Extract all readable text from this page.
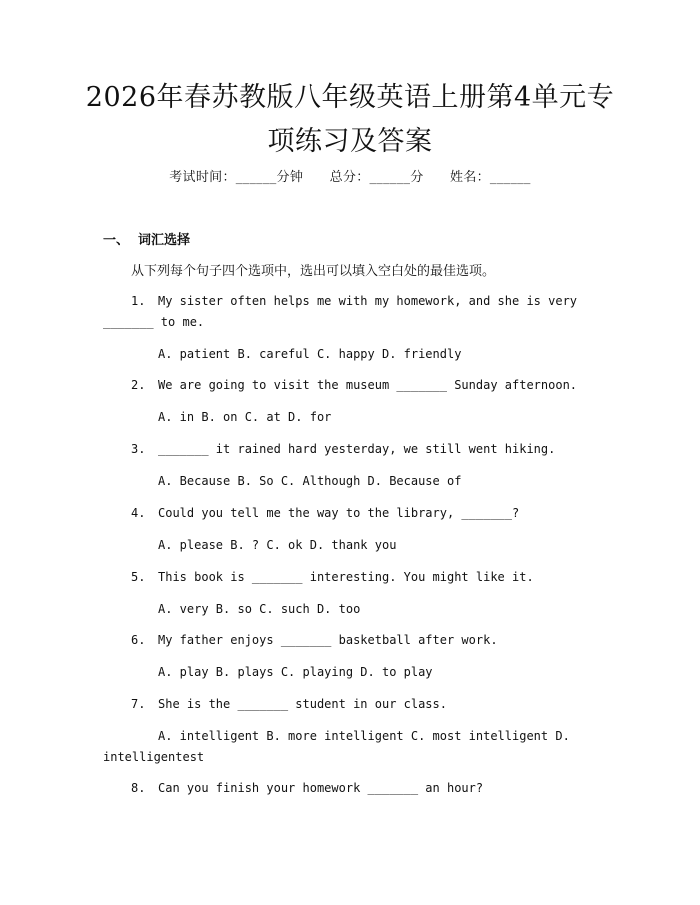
2026年春苏教版八年级英语上册第4单元专
项练习及答案
考试时间：______分钟 总分：______分 姓名：______
一、 词汇选择
从下列每个句子四个选项中，选出可以填入空白处的最佳选项。
1. My sister often helps me with my homework, and she is very
_______ to me.
A. patient B. careful C. happy D. friendly
2. We are going to visit the museum _______ Sunday afternoon.
A. in B. on C. at D. for
3. _______ it rained hard yesterday, we still went hiking.
A. Because B. So C. Although D. Because of
4. Could you tell me the way to the library, _______?
A. please B. ? C. ok D. thank you
5. This book is _______ interesting. You might like it.
A. very B. so C. such D. too
6. My father enjoys _______ basketball after work.
A. play B. plays C. playing D. to play
7. She is the _______ student in our class.
A. intelligent B. more intelligent C. most intelligent D.
intelligentest
8. Can you finish your homework _______ an hour?
